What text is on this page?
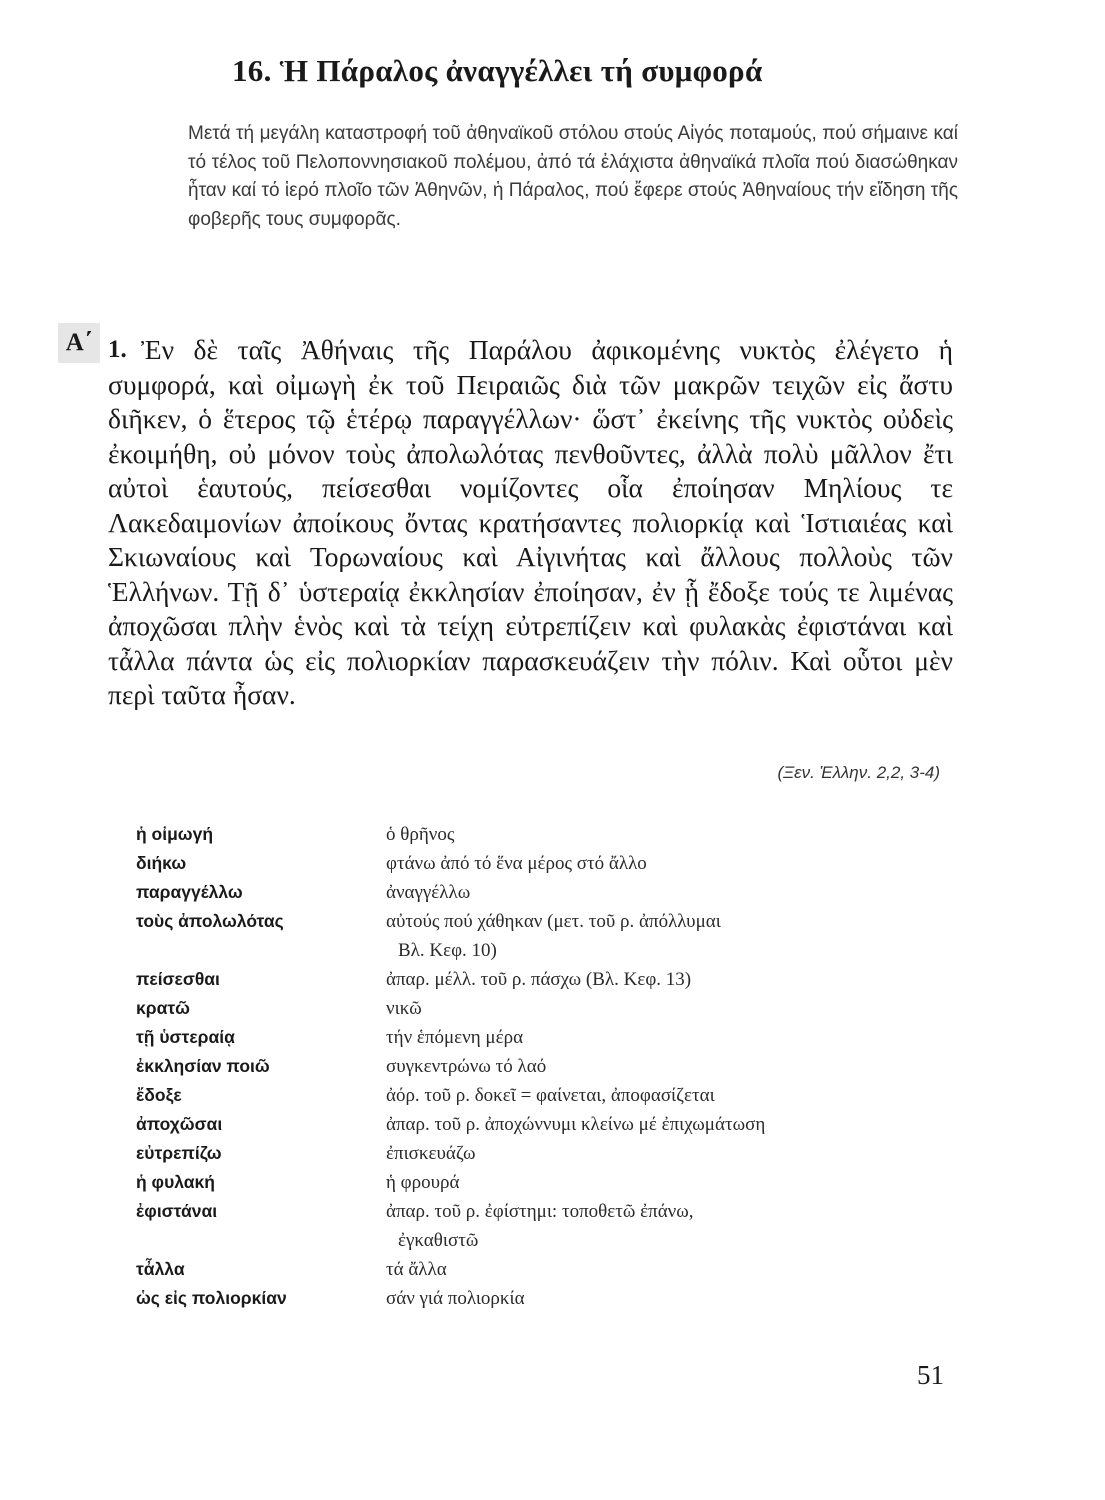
16. Ἡ Πάραλος ἀναγγέλλει τή συμφορά

Μετά τή μεγάλη καταστροφή τοῦ ἀθηναϊκοῦ στόλου στούς Αἰγός ποταμούς, πού σήμαινε καί τό τέλος τοῦ Πελοποννησιακοῦ πολέμου, ἀπό τά ἐλάχιστα ἀθηναϊκά πλοῖα πού διασώθηκαν ἦταν καί τό ἱερό πλοῖο τῶν Ἀθηνῶν, ἡ Πάραλος, πού ἔφερε στούς Ἀθηναίους τήν εἴδηση τῆς φοβερῆς τους συμφορᾶς.

Α΄ 1. Ἐν δὲ ταῖς Ἀθήναις τῆς Παράλου ἀφικομένης νυκτὸς ἐλέγετο ἡ συμφορά, καὶ οἰμωγὴ ἐκ τοῦ Πειραιῶς διὰ τῶν μακρῶν τειχῶν εἰς ἄστυ διῆκεν, ὁ ἕτερος τῷ ἑτέρῳ παραγγέλλων· ὥστ᾽ ἐκείνης τῆς νυκτὸς οὐδεὶς ἐκοιμήθη, οὐ μόνον τοὺς ἀπολωλότας πενθοῦντες, ἀλλὰ πολὺ μᾶλλον ἔτι αὐτοὶ ἑαυτούς, πείσεσθαι νομίζοντες οἷα ἐποίησαν Μηλίους τε Λακεδαιμονίων ἀποίκους ὄντας κρατήσαντες πολιορκίᾳ καὶ Ἱστιαιέας καὶ Σκιωναίους καὶ Τορωναίους καὶ Αἰγινήτας καὶ ἄλλους πολλοὺς τῶν Ἑλλήνων. Τῇ δ᾽ ὑστεραίᾳ ἐκκλησίαν ἐποίησαν, ἐν ᾗ ἔδοξε τούς τε λιμένας ἀποχῶσαι πλὴν ἑνὸς καὶ τὰ τείχη εὐτρεπίζειν καὶ φυλακὰς ἐφιστάναι καὶ τἆλλα πάντα ὡς εἰς πολιορκίαν παρασκευάζειν τὴν πόλιν. Καὶ οὗτοι μὲν περὶ ταῦτα ἦσαν.

(Ξεν. Ἑλλην. 2,2, 3-4)
ἡ οἰμωγή	ὁ θρῆνος
διήκω	φτάνω ἀπό τό ἕνα μέρος στό ἄλλο
παραγγέλλω	ἀναγγέλλω
τοὺς ἀπολωλότας	αὐτούς πού χάθηκαν (μετ. τοῦ ρ. ἀπόλλυμαι
Βλ. Κεφ. 10)
πείσεσθαι	ἀπαρ. μέλλ. τοῦ ρ. πάσχω (Βλ. Κεφ. 13)
κρατῶ	νικῶ
τῇ ὑστεραίᾳ	τήν ἑπόμενη μέρα
ἐκκλησίαν ποιῶ	συγκεντρώνω τό λαό
ἔδοξε	ἀόρ. τοῦ ρ. δοκεῖ = φαίνεται, ἀποφασίζεται
ἀποχῶσαι	ἀπαρ. τοῦ ρ. ἀποχώννυμι κλείνω μέ ἐπιχωμάτωση
εὐτρεπίζω	ἐπισκευάζω
ἡ φυλακή	ἡ φρουρά
ἐφιστάναι	ἀπαρ. τοῦ ρ. ἐφίστημι: τοποθετῶ ἐπάνω,
ἐγκαθιστῶ
τἆλλα	τά ἄλλα
ὡς εἰς πολιορκίαν	σάν γιά πολιορκία
51
